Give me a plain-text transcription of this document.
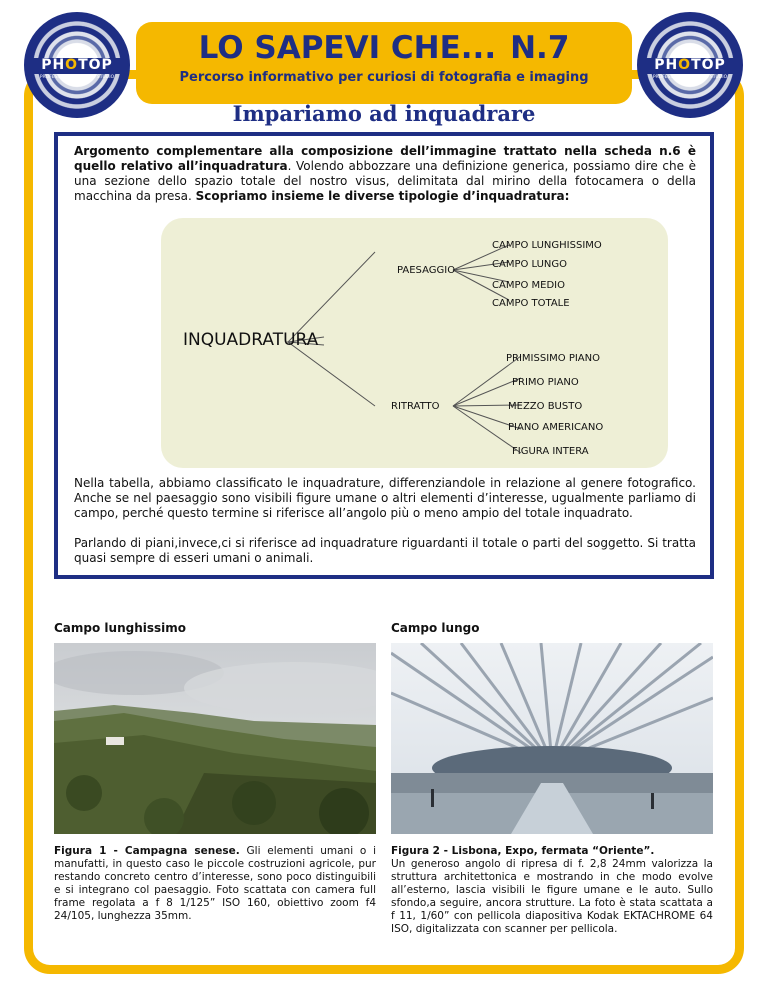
PHOTOP
PROFESSIONAL IMAGING STUDIO
LO SAPEVI CHE... N.7
Percorso informativo per curiosi di fotografia e imaging
PHOTOP
PROFESSIONAL IMAGING STUDIO
Impariamo ad inquadrare
Argomento complementare alla composizione dell’immagine trattato nella scheda n.6 è quello relativo all’inquadratura. Volendo abbozzare una definizione generica, possiamo dire che è una sezione dello spazio totale del nostro visus, delimitata dal mirino della fotocamera o della macchina da presa. Scopriamo insieme le diverse tipologie d’inquadratura:
INQUADRATURA
PAESAGGIO
RITRATTO
CAMPO LUNGHISSIMO
CAMPO LUNGO
CAMPO MEDIO
CAMPO TOTALE
PRIMISSIMO PIANO
PRIMO PIANO
MEZZO BUSTO
PIANO AMERICANO
FIGURA INTERA
Nella tabella, abbiamo classificato le inquadrature, differenziandole in relazione al genere fotografico. Anche se nel paesaggio sono visibili figure umane o altri elementi d’interesse, ugualmente parliamo di campo, perché questo termine si riferisce all’angolo più o meno ampio del totale inquadrato.
Parlando di piani,invece,ci si riferisce ad inquadrature riguardanti il totale o parti del soggetto. Si tratta quasi sempre di esseri umani o animali.
Campo lunghissimo	Campo lungo
Figura 1 - Campagna senese. Gli elementi umani o i manufatti, in questo caso le piccole costruzioni agricole, pur restando concreto centro d’interesse, sono poco distinguibili e si integrano col paesaggio. Foto scattata con camera full frame regolata a f 8 1/125” ISO 160, obiettivo zoom f4 24/105, lunghezza 35mm.
Figura 2 - Lisbona, Expo, fermata “Oriente”.
Un generoso angolo di ripresa di f. 2,8 24mm valorizza la struttura architettonica e mostrando in che modo evolve all’esterno, lascia visibili le figure umane e le auto. Sullo sfondo,a seguire, ancora strutture. La foto è stata scattata a f 11, 1/60” con pellicola diapositiva Kodak EKTACHROME 64 ISO, digitalizzata con scanner per pellicola.
